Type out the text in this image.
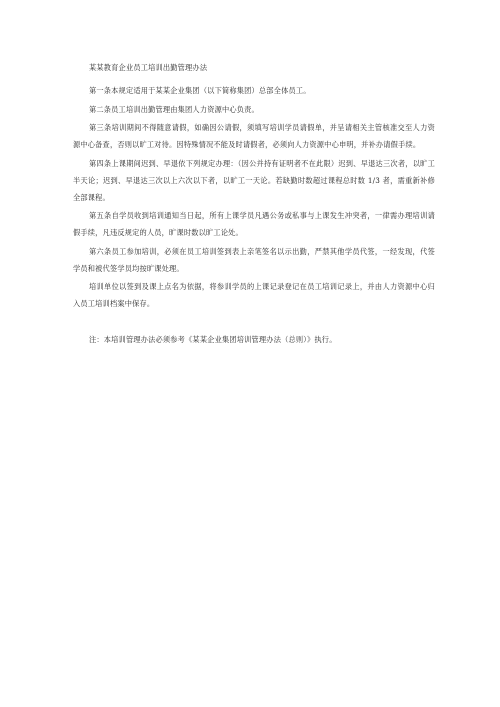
某某教育企业员工培训出勤管理办法

第一条本规定适用于某某企业集团（以下简称集团）总部全体员工。

第二条员工培训出勤管理由集团人力资源中心负责。

第三条培训期间不得随意请假，如确因公请假，须填写培训学员请假单，并呈请相关主管核准交至人力资源中心备查，否则以旷工对待。因特殊情况不能及时请假者，必须向人力资源中心申明，并补办请假手续。

第四条上课期间迟到、早退依下列规定办理：（因公并持有证明者不在此限）迟到、早退达三次者，以旷工半天论；迟到、早退达三次以上六次以下者，以旷工一天论。若缺勤时数超过课程总时数 1/3 者，需重新补修全部课程。

第五条自学员收到培训通知当日起，所有上课学员凡遇公务或私事与上课发生冲突者，一律需办理培训请假手续，凡违反规定的人员，旷课时数以旷工论处。

第六条员工参加培训，必须在员工培训签到表上亲笔签名以示出勤，严禁其他学员代签，一经发现，代签学员和被代签学员均按旷课处理。

培训单位以签到及课上点名为依据，将参训学员的上课记录登记在员工培训记录上，并由人力资源中心归入员工培训档案中保存。

注：本培训管理办法必须参考《某某企业集团培训管理办法（总则）》执行。
